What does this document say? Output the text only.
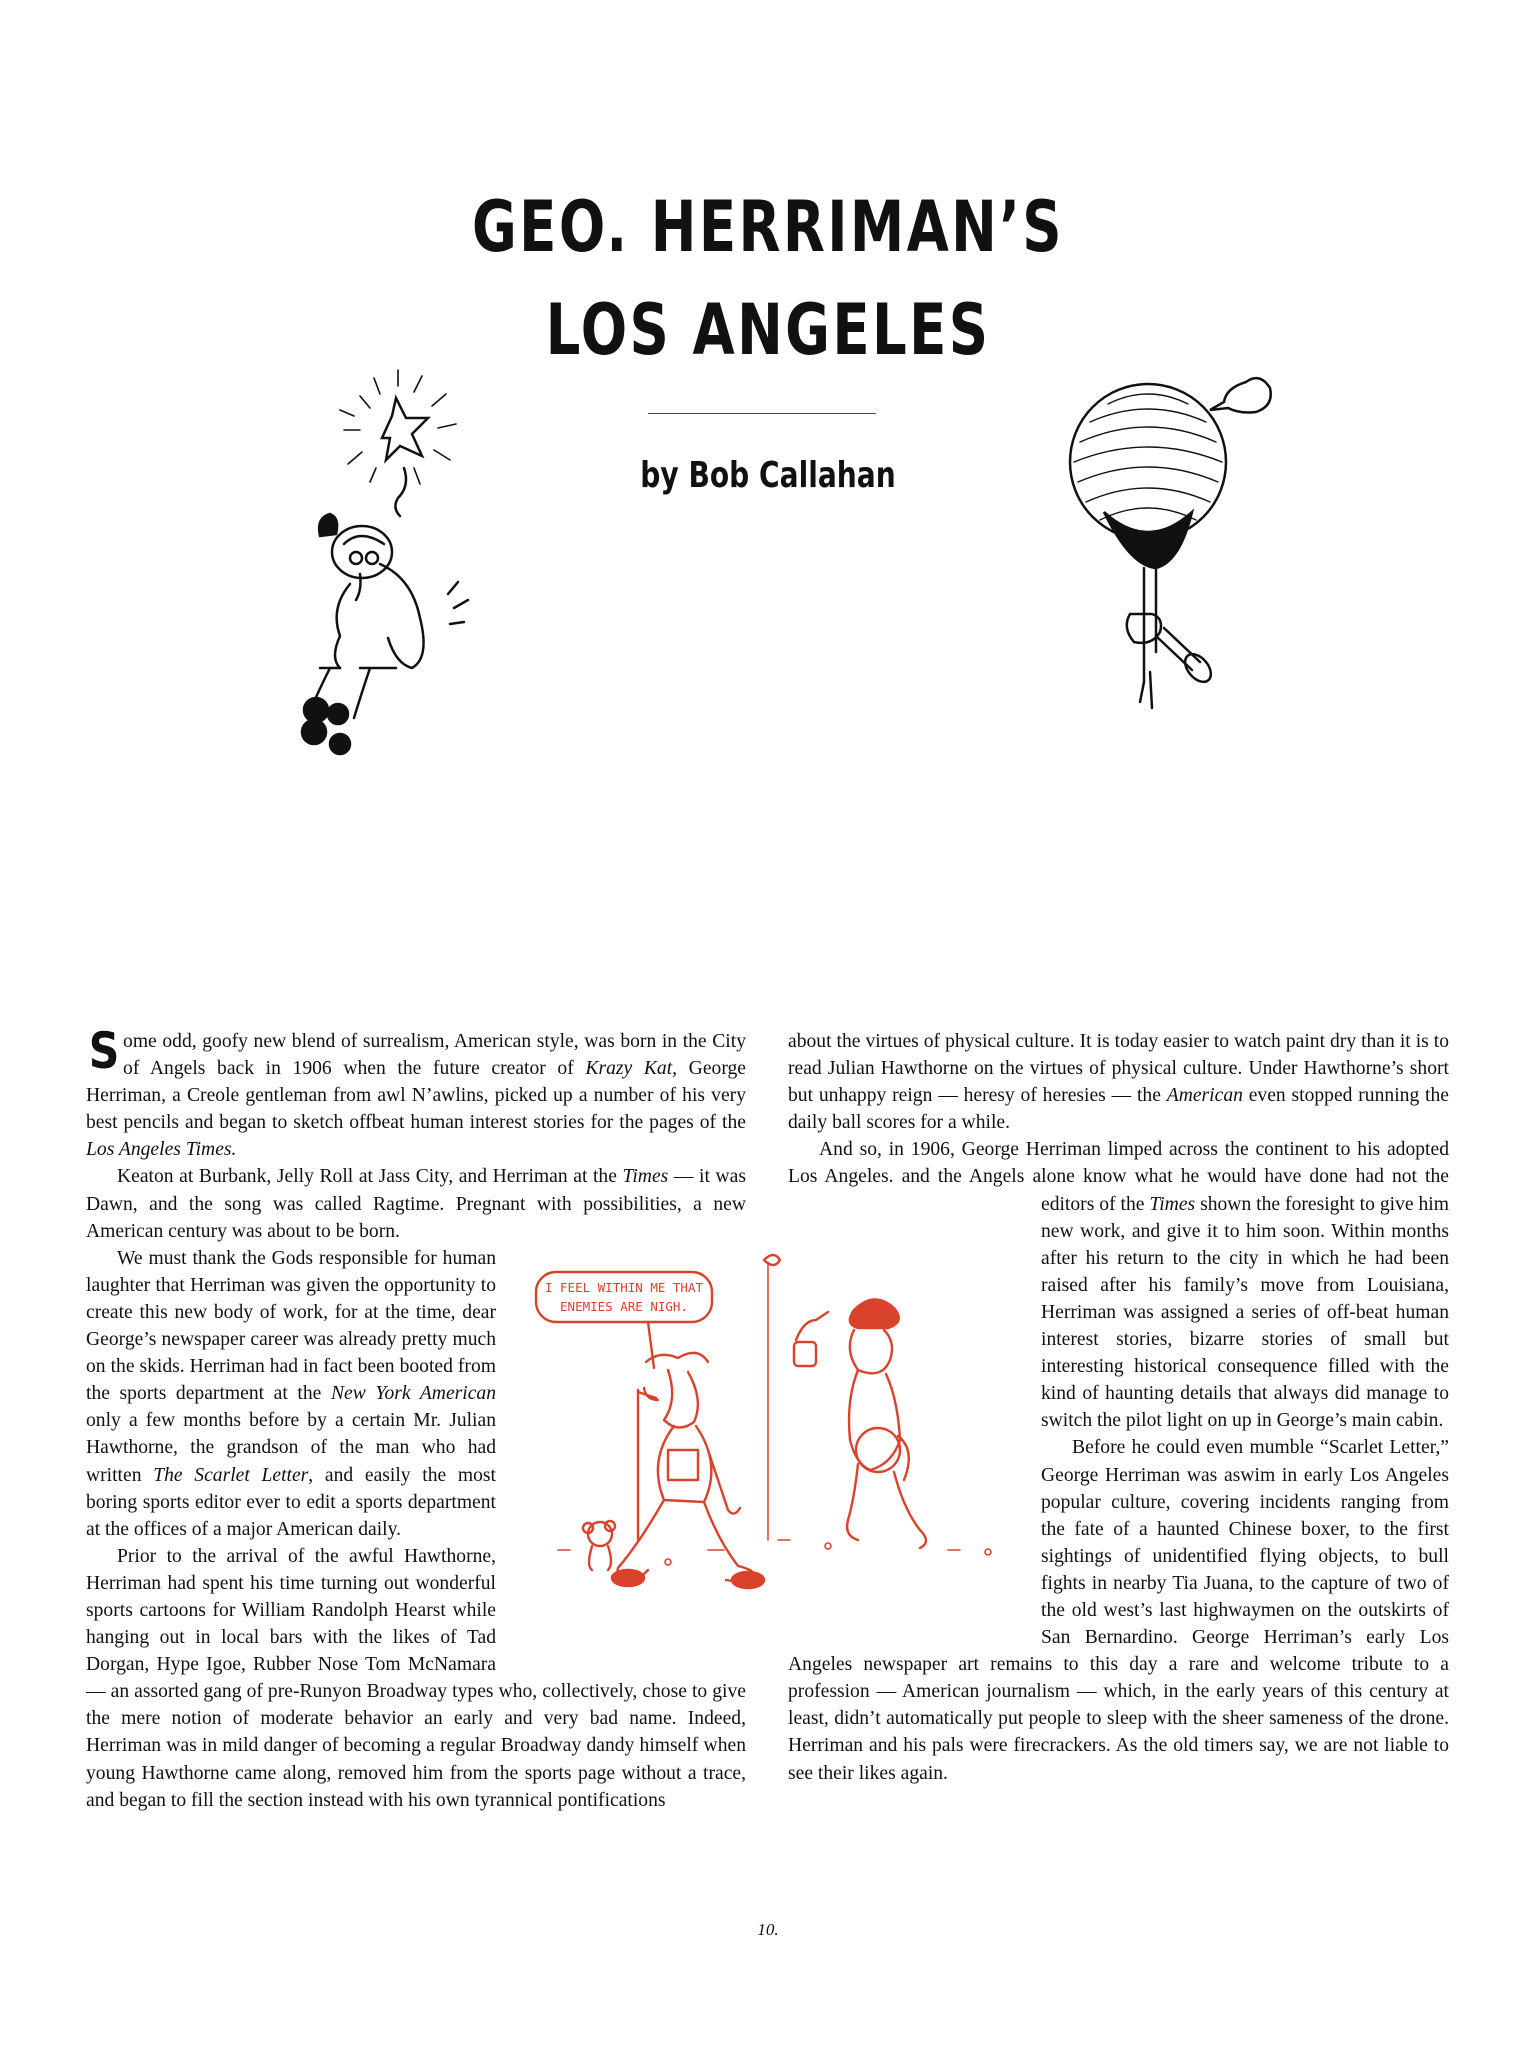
GEO. HERRIMAN’S
LOS ANGELES
by Bob Callahan

Some odd, goofy new blend of surrealism, American style, was born in the City of Angels back in 1906 when the future creator of Krazy Kat, George Herriman, a Creole gentleman from awl N’awlins, picked up a number of his very best pencils and began to sketch offbeat human interest stories for the pages of the Los Angeles Times.

Keaton at Burbank, Jelly Roll at Jass City, and Herriman at the Times — it was Dawn, and the song was called Ragtime. Pregnant with possibilities, a new American century was about to be born.

We must thank the Gods responsible for human laughter that Herriman was given the opportunity to create this new body of work, for at the time, dear George’s newspaper career was already pretty much on the skids. Herriman had in fact been booted from the sports department at the New York American only a few months before by a certain Mr. Julian Hawthorne, the grandson of the man who had written The Scarlet Letter, and easily the most boring sports editor ever to edit a sports department at the offices of a major American daily.

Prior to the arrival of the awful Hawthorne, Herriman had spent his time turning out wonderful sports cartoons for William Randolph Hearst while hanging out in local bars with the likes of Tad Dorgan, Hype Igoe, Rubber Nose Tom McNamara — an assorted gang of pre-Runyon Broadway types who, collectively, chose to give the mere notion of moderate behavior an early and very bad name. Indeed, Herriman was in mild danger of becoming a regular Broadway dandy himself when young Hawthorne came along, removed him from the sports page without a trace, and began to fill the section instead with his own tyrannical pontifications

about the virtues of physical culture. It is today easier to watch paint dry than it is to read Julian Hawthorne on the virtues of physical culture. Under Hawthorne’s short but unhappy reign — heresy of heresies — the American even stopped running the daily ball scores for a while.

And so, in 1906, George Herriman limped across the continent to his adopted Los Angeles. and the Angels alone know what he would have done had not the editors of the Times shown the foresight to give him new work, and give it to him soon. Within months after his return to the city in which he had been raised after his family’s move from Louisiana, Herriman was assigned a series of off-beat human interest stories, bizarre stories of small but interesting historical consequence filled with the kind of haunting details that always did manage to switch the pilot light on up in George’s main cabin.

Before he could even mumble “Scarlet Letter,” George Herriman was aswim in early Los Angeles popular culture, covering incidents ranging from the fate of a haunted Chinese boxer, to the first sightings of unidentified flying objects, to bull fights in nearby Tia Juana, to the capture of two of the old west’s last highwaymen on the outskirts of San Bernardino. George Herriman’s early Los Angeles newspaper art remains to this day a rare and welcome tribute to a profession — American journalism — which, in the early years of this century at least, didn’t automatically put people to sleep with the sheer sameness of the drone. Herriman and his pals were firecrackers. As the old timers say, we are not liable to see their likes again.

I FEEL WITHIN ME THAT
ENEMIES ARE NIGH.
10.
